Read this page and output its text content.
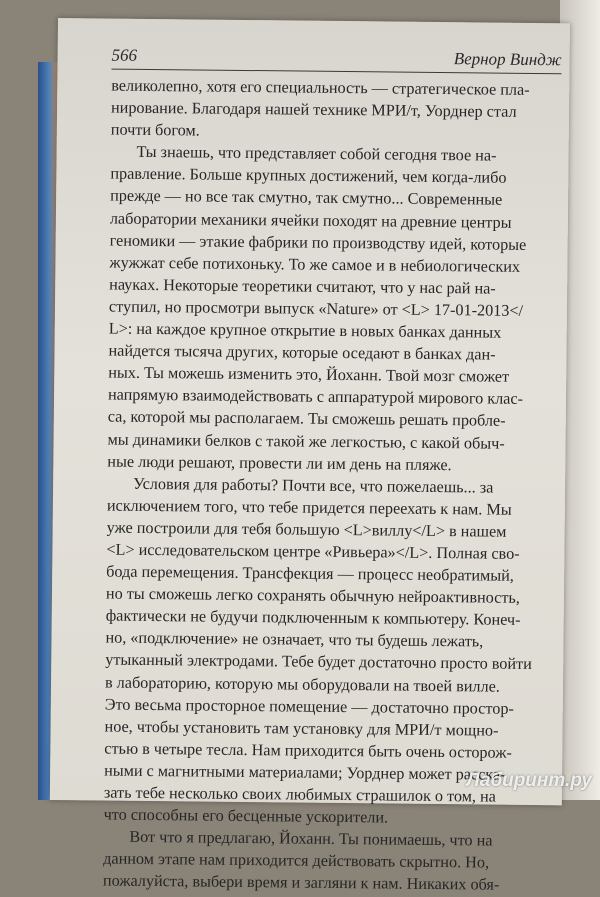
566	Вернор Виндж
великолепно, хотя его специальность — стратегическое пла-
нирование. Благодаря нашей технике МРИ/т, Уорднер стал
почти богом.
Ты знаешь, что представляет собой сегодня твое на-
правление. Больше крупных достижений, чем когда-либо
прежде — но все так смутно, так смутно... Современные
лаборатории механики ячейки походят на древние центры
геномики — этакие фабрики по производству идей, которые
жужжат себе потихоньку. То же самое и в небиологических
науках. Некоторые теоретики считают, что у нас рай на-
ступил, но просмотри выпуск «Nature» от <L> 17-01-2013</
L>: на каждое крупное открытие в новых банках данных
найдется тысяча других, которые оседают в банках дан-
ных. Ты можешь изменить это, Йоханн. Твой мозг сможет
напрямую взаимодействовать с аппаратурой мирового клас-
са, которой мы располагаем. Ты сможешь решать пробле-
мы динамики белков с такой же легкостью, с какой обыч-
ные люди решают, провести ли им день на пляже.
Условия для работы? Почти все, что пожелаешь... за
исключением того, что тебе придется переехать к нам. Мы
уже построили для тебя большую <L>виллу</L> в нашем
<L> исследовательском центре «Ривьера»</L>. Полная сво-
бода перемещения. Трансфекция — процесс необратимый,
но ты сможешь легко сохранять обычную нейроактивность,
фактически не будучи подключенным к компьютеру. Конеч-
но, «подключение» не означает, что ты будешь лежать,
утыканный электродами. Тебе будет достаточно просто войти
в лабораторию, которую мы оборудовали на твоей вилле.
Это весьма просторное помещение — достаточно простор-
ное, чтобы установить там установку для МРИ/т мощно-
стью в четыре тесла. Нам приходится быть очень осторож-
ными с магнитными материалами; Уорднер может расска-
зать тебе несколько своих любимых страшилок о том, на
что способны его бесценные ускорители.
Вот что я предлагаю, Йоханн. Ты понимаешь, что на
данном этапе нам приходится действовать скрытно. Но,
пожалуйста, выбери время и загляни к нам. Никаких обя-
Лабиринт.ру
